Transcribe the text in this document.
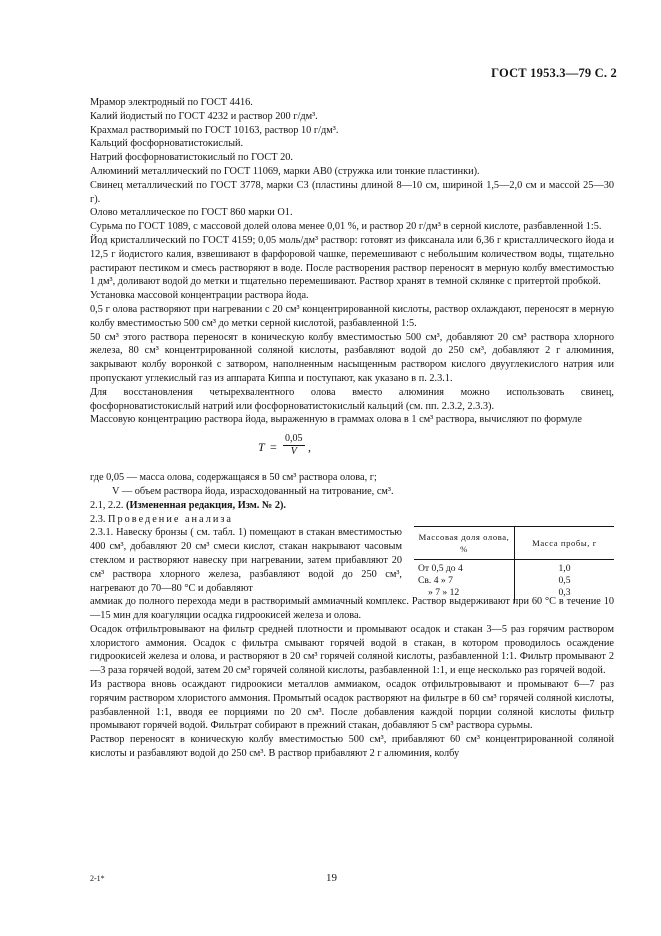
ГОСТ 1953.3—79 С. 2

Мрамор электродный по ГОСТ 4416.

Калий йодистый по ГОСТ 4232 и раствор 200 г/дм³.

Крахмал растворимый по ГОСТ 10163, раствор 10 г/дм³.

Кальций фосфорноватистокислый.

Натрий фосфорноватистокислый по ГОСТ 20.

Алюминий металлический по ГОСТ 11069, марки АВ0 (стружка или тонкие пластинки).

Свинец металлический по ГОСТ 3778, марки С3 (пластины длиной 8—10 см, шириной 1,5—2,0 см и массой 25—30 г).

Олово металлическое по ГОСТ 860 марки О1.

Сурьма по ГОСТ 1089, с массовой долей олова менее 0,01 %, и раствор 20 г/дм³ в серной кислоте, разбавленной 1:5.

Йод кристаллический по ГОСТ 4159; 0,05 моль/дм³ раствор: готовят из фиксанала или 6,36 г кристаллического йода и 12,5 г йодистого калия, взвешивают в фарфоровой чашке, перемешивают с небольшим количеством воды, тщательно растирают пестиком и смесь растворяют в воде. После растворения раствор переносят в мерную колбу вместимостью 1 дм³, доливают водой до метки и тщательно перемешивают. Раствор хранят в темной склянке с притертой пробкой.

Установка массовой концентрации раствора йода.

0,5 г олова растворяют при нагревании с 20 см³ концентрированной кислоты, раствор охлаждают, переносят в мерную колбу вместимостью 500 см³ до метки серной кислотой, разбавленной 1:5.

50 см³ этого раствора переносят в коническую колбу вместимостью 500 см³, добавляют 20 см³ раствора хлорного железа, 80 см³ концентрированной соляной кислоты, разбавляют водой до 250 см³, добавляют 2 г алюминия, закрывают колбу воронкой с затвором, наполненным насыщенным раствором кислого двууглекислого натрия или пропускают углекислый газ из аппарата Киппа и поступают, как указано в п. 2.3.1.

Для восстановления четырехвалентного олова вместо алюминия можно использовать свинец, фосфорноватистокислый натрий или фосфорноватистокислый кальций (см. пп. 2.3.2, 2.3.3).

Массовую концентрацию раствора йода, выраженную в граммах олова в 1 см³ раствора, вычисляют по формуле

$T = \frac{0,05}{V}$ ,

где 0,05 — масса олова, содержащаяся в 50 см³ раствора олова, г;

V — объем раствора йода, израсходованный на титрование, см³.

2.1, 2.2. (Измененная редакция, Изм. № 2).

2.3. Проведение анализа

2.3.1. Навеску бронзы ( см. табл. 1) помещают в стакан вместимостью 400 см³, добавляют 20 см³ смеси кислот, стакан накрывают часовым стеклом и растворяют навеску при нагревании, затем прибавляют 20 см³ раствора хлорного железа, разбавляют водой до 250 см³, нагревают до 70—80 °С и добавляют

Массовая доля олова, %	Масса пробы, г
От 0,5 до 4	1,0
Св. 4 » 7	0,5
» 7 » 12	0,3

аммиак до полного перехода меди в растворимый аммиачный комплекс. Раствор выдерживают при 60 °С в течение 10—15 мин для коагуляции осадка гидроокисей железа и олова.

Осадок отфильтровывают на фильтр средней плотности и промывают осадок и стакан 3—5 раз горячим раствором хлористого аммония. Осадок с фильтра смывают горячей водой в стакан, в котором проводилось осаждение гидроокисей железа и олова, и растворяют в 20 см³ горячей соляной кислоты, разбавленной 1:1. Фильтр промывают 2—3 раза горячей водой, затем 20 см³ горячей соляной кислоты, разбавленной 1:1, и еще несколько раз горячей водой.

Из раствора вновь осаждают гидроокиси металлов аммиаком, осадок отфильтровывают и промывают 6—7 раз горячим раствором хлористого аммония. Промытый осадок растворяют на фильтре в 60 см³ горячей соляной кислоты, разбавленной 1:1, вводя ее порциями по 20 см³. После добавления каждой порции соляной кислоты фильтр промывают горячей водой. Фильтрат собирают в прежний стакан, добавляют 5 см³ раствора сурьмы.

Раствор переносят в коническую колбу вместимостью 500 см³, прибавляют 60 см³ концентрированной соляной кислоты и разбавляют водой до 250 см³. В раствор прибавляют 2 г алюминия, колбу

2-1*	19
